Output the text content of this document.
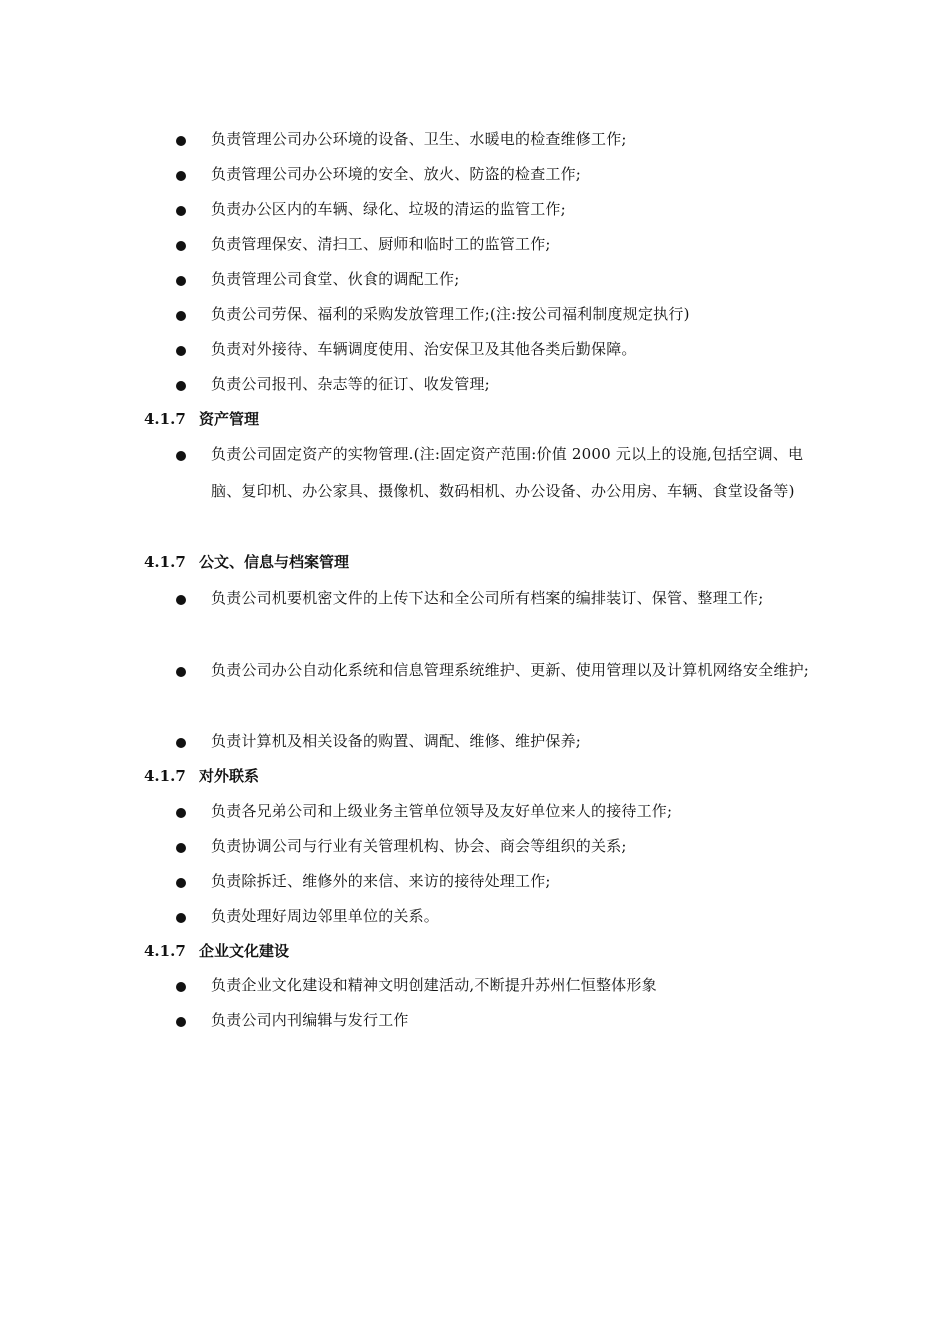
负责管理公司办公环境的设备、卫生、水暖电的检查维修工作;
负责管理公司办公环境的安全、放火、防盗的检查工作;
负责办公区内的车辆、绿化、垃圾的清运的监管工作;
负责管理保安、清扫工、厨师和临时工的监管工作;
负责管理公司食堂、伙食的调配工作;
负责公司劳保、福利的采购发放管理工作;(注:按公司福利制度规定执行)
负责对外接待、车辆调度使用、治安保卫及其他各类后勤保障。
负责公司报刊、杂志等的征订、收发管理;
4.1.7 资产管理
负责公司固定资产的实物管理.(注:固定资产范围:价值 2000 元以上的设施,包括空调、电脑、复印机、办公家具、摄像机、数码相机、办公设备、办公用房、车辆、食堂设备等)
4.1.7 公文、信息与档案管理
负责公司机要机密文件的上传下达和全公司所有档案的编排装订、保管、整理工作;
负责公司办公自动化系统和信息管理系统维护、更新、使用管理以及计算机网络安全维护;
负责计算机及相关设备的购置、调配、维修、维护保养;
4.1.7 对外联系
负责各兄弟公司和上级业务主管单位领导及友好单位来人的接待工作;
负责协调公司与行业有关管理机构、协会、商会等组织的关系;
负责除拆迁、维修外的来信、来访的接待处理工作;
负责处理好周边邻里单位的关系。
4.1.7 企业文化建设
负责企业文化建设和精神文明创建活动,不断提升苏州仁恒整体形象
负责公司内刊编辑与发行工作
